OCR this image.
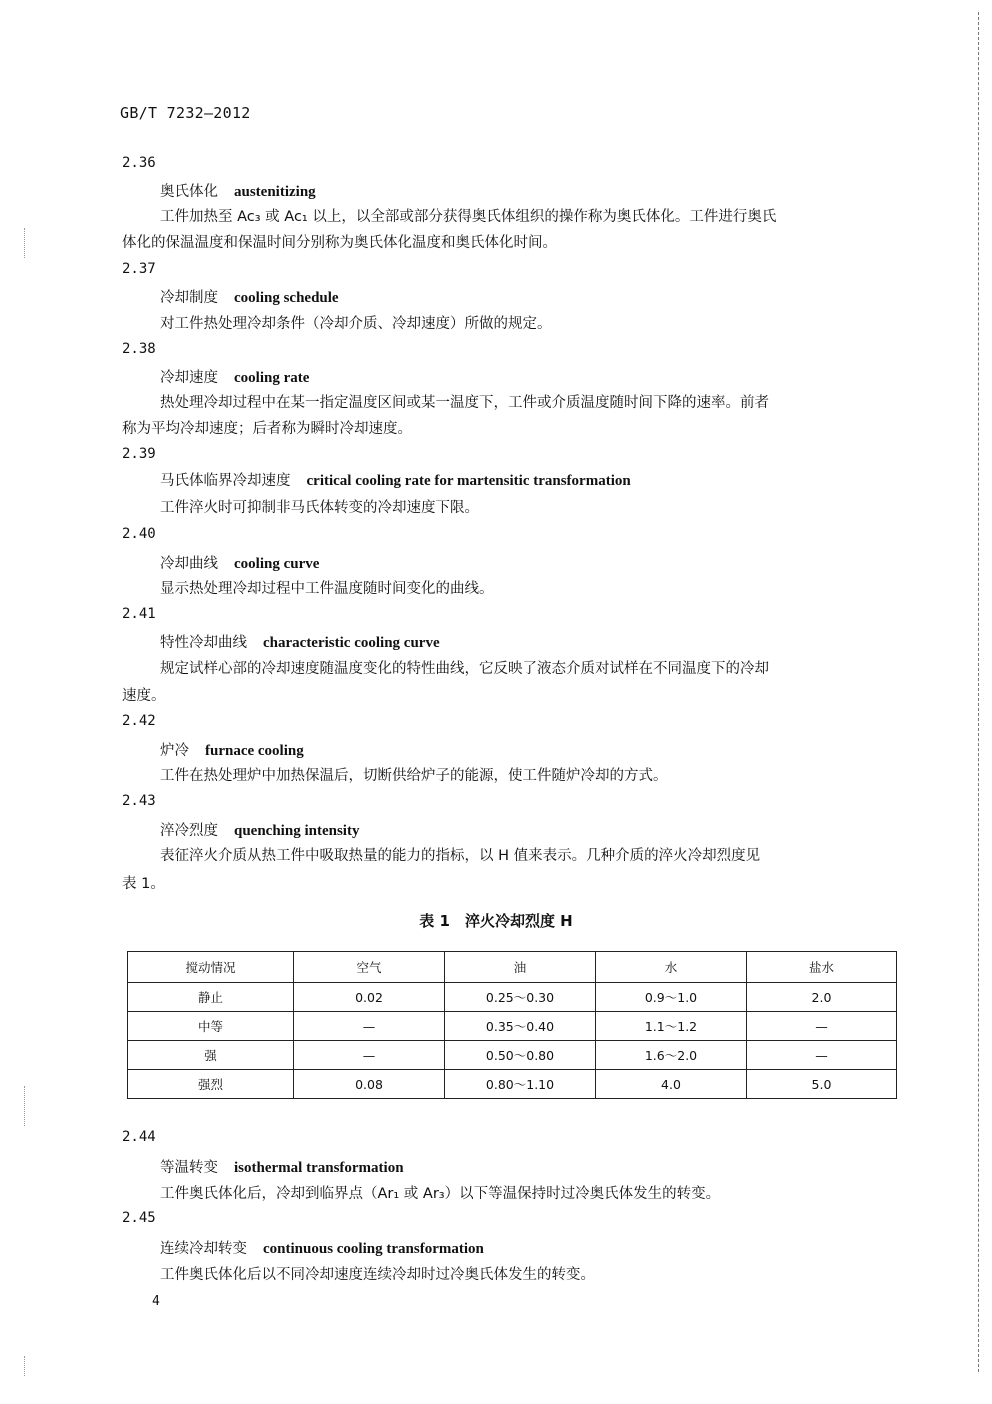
GB/T 7232—2012
2.36
奥氏体化 austenitizing
工件加热至 Ac₃ 或 Ac₁ 以上，以全部或部分获得奥氏体组织的操作称为奥氏体化。工件进行奥氏
体化的保温温度和保温时间分别称为奥氏体化温度和奥氏体化时间。
2.37
冷却制度 cooling schedule
对工件热处理冷却条件（冷却介质、冷却速度）所做的规定。
2.38
冷却速度 cooling rate
热处理冷却过程中在某一指定温度区间或某一温度下，工件或介质温度随时间下降的速率。前者
称为平均冷却速度；后者称为瞬时冷却速度。
2.39
马氏体临界冷却速度 critical cooling rate for martensitic transformation
工件淬火时可抑制非马氏体转变的冷却速度下限。
2.40
冷却曲线 cooling curve
显示热处理冷却过程中工件温度随时间变化的曲线。
2.41
特性冷却曲线 characteristic cooling curve
规定试样心部的冷却速度随温度变化的特性曲线，它反映了液态介质对试样在不同温度下的冷却
速度。
2.42
炉冷 furnace cooling
工件在热处理炉中加热保温后，切断供给炉子的能源，使工件随炉冷却的方式。
2.43
淬冷烈度 quenching intensity
表征淬火介质从热工件中吸取热量的能力的指标，以 H 值来表示。几种介质的淬火冷却烈度见
表 1。
表 1　淬火冷却烈度 H
搅动情况	空气	油	水	盐水
静止	0.02	0.25～0.30	0.9～1.0	2.0
中等	—	0.35～0.40	1.1～1.2	—
强	—	0.50～0.80	1.6～2.0	—
强烈	0.08	0.80～1.10	4.0	5.0
2.44
等温转变 isothermal transformation
工件奥氏体化后，冷却到临界点（Ar₁ 或 Ar₃）以下等温保持时过冷奥氏体发生的转变。
2.45
连续冷却转变 continuous cooling transformation
工件奥氏体化后以不同冷却速度连续冷却时过冷奥氏体发生的转变。
4
